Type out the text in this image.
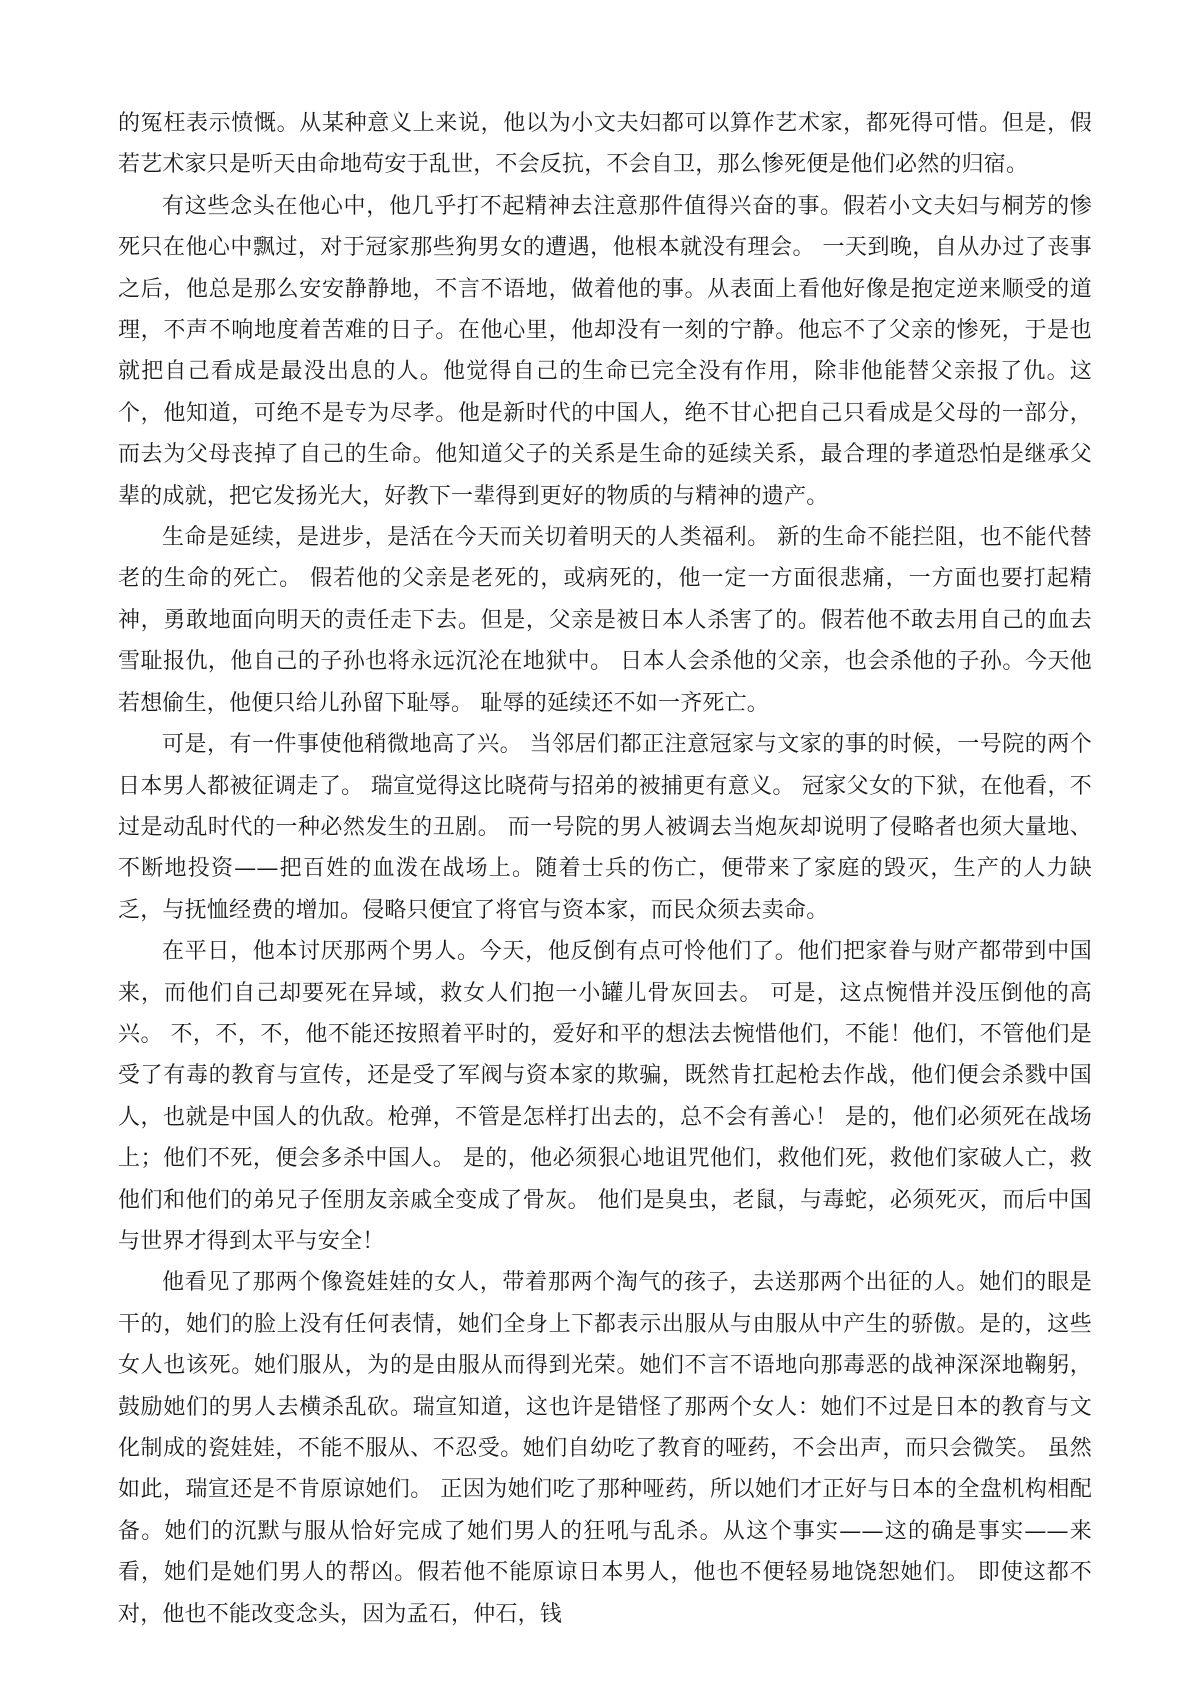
的冤枉表示愤慨。从某种意义上来说，他以为小文夫妇都可以算作艺术家，都死得可惜。但是，假若艺术家只是听天由命地苟安于乱世，不会反抗，不会自卫，那么惨死便是他们必然的归宿。

有这些念头在他心中，他几乎打不起精神去注意那件值得兴奋的事。假若小文夫妇与桐芳的惨死只在他心中飘过，对于冠家那些狗男女的遭遇，他根本就没有理会。 一天到晚，自从办过了丧事之后，他总是那么安安静静地，不言不语地，做着他的事。从表面上看他好像是抱定逆来顺受的道理，不声不响地度着苦难的日子。在他心里，他却没有一刻的宁静。他忘不了父亲的惨死，于是也就把自己看成是最没出息的人。他觉得自己的生命已完全没有作用，除非他能替父亲报了仇。这个，他知道，可绝不是专为尽孝。他是新时代的中国人，绝不甘心把自己只看成是父母的一部分，而去为父母丧掉了自己的生命。他知道父子的关系是生命的延续关系，最合理的孝道恐怕是继承父辈的成就，把它发扬光大，好教下一辈得到更好的物质的与精神的遗产。

生命是延续，是进步，是活在今天而关切着明天的人类福利。 新的生命不能拦阻，也不能代替老的生命的死亡。 假若他的父亲是老死的，或病死的，他一定一方面很悲痛，一方面也要打起精神，勇敢地面向明天的责任走下去。但是，父亲是被日本人杀害了的。假若他不敢去用自己的血去雪耻报仇，他自己的子孙也将永远沉沦在地狱中。 日本人会杀他的父亲，也会杀他的子孙。今天他若想偷生，他便只给儿孙留下耻辱。 耻辱的延续还不如一齐死亡。

可是，有一件事使他稍微地高了兴。 当邻居们都正注意冠家与文家的事的时候，一号院的两个日本男人都被征调走了。 瑞宣觉得这比晓荷与招弟的被捕更有意义。 冠家父女的下狱，在他看，不过是动乱时代的一种必然发生的丑剧。 而一号院的男人被调去当炮灰却说明了侵略者也须大量地、不断地投资——把百姓的血泼在战场上。随着士兵的伤亡，便带来了家庭的毁灭，生产的人力缺乏，与抚恤经费的增加。侵略只便宜了将官与资本家，而民众须去卖命。

在平日，他本讨厌那两个男人。今天，他反倒有点可怜他们了。他们把家眷与财产都带到中国来，而他们自己却要死在异域，救女人们抱一小罐儿骨灰回去。 可是，这点惋惜并没压倒他的高兴。 不，不，不，他不能还按照着平时的，爱好和平的想法去惋惜他们，不能！他们，不管他们是受了有毒的教育与宣传，还是受了军阀与资本家的欺骗，既然肯扛起枪去作战，他们便会杀戮中国人，也就是中国人的仇敌。枪弹，不管是怎样打出去的，总不会有善心！ 是的，他们必须死在战场上；他们不死，便会多杀中国人。 是的，他必须狠心地诅咒他们，救他们死，救他们家破人亡，救他们和他们的弟兄子侄朋友亲戚全变成了骨灰。 他们是臭虫，老鼠，与毒蛇，必须死灭，而后中国与世界才得到太平与安全！

他看见了那两个像瓷娃娃的女人，带着那两个淘气的孩子，去送那两个出征的人。她们的眼是干的，她们的脸上没有任何表情，她们全身上下都表示出服从与由服从中产生的骄傲。是的，这些女人也该死。她们服从，为的是由服从而得到光荣。她们不言不语地向那毒恶的战神深深地鞠躬，鼓励她们的男人去横杀乱砍。瑞宣知道，这也许是错怪了那两个女人：她们不过是日本的教育与文化制成的瓷娃娃，不能不服从、不忍受。她们自幼吃了教育的哑药，不会出声，而只会微笑。 虽然如此，瑞宣还是不肯原谅她们。 正因为她们吃了那种哑药，所以她们才正好与日本的全盘机构相配备。她们的沉默与服从恰好完成了她们男人的狂吼与乱杀。从这个事实——这的确是事实——来看，她们是她们男人的帮凶。假若他不能原谅日本男人，他也不便轻易地饶恕她们。 即使这都不对，他也不能改变念头，因为孟石，仲石，钱
